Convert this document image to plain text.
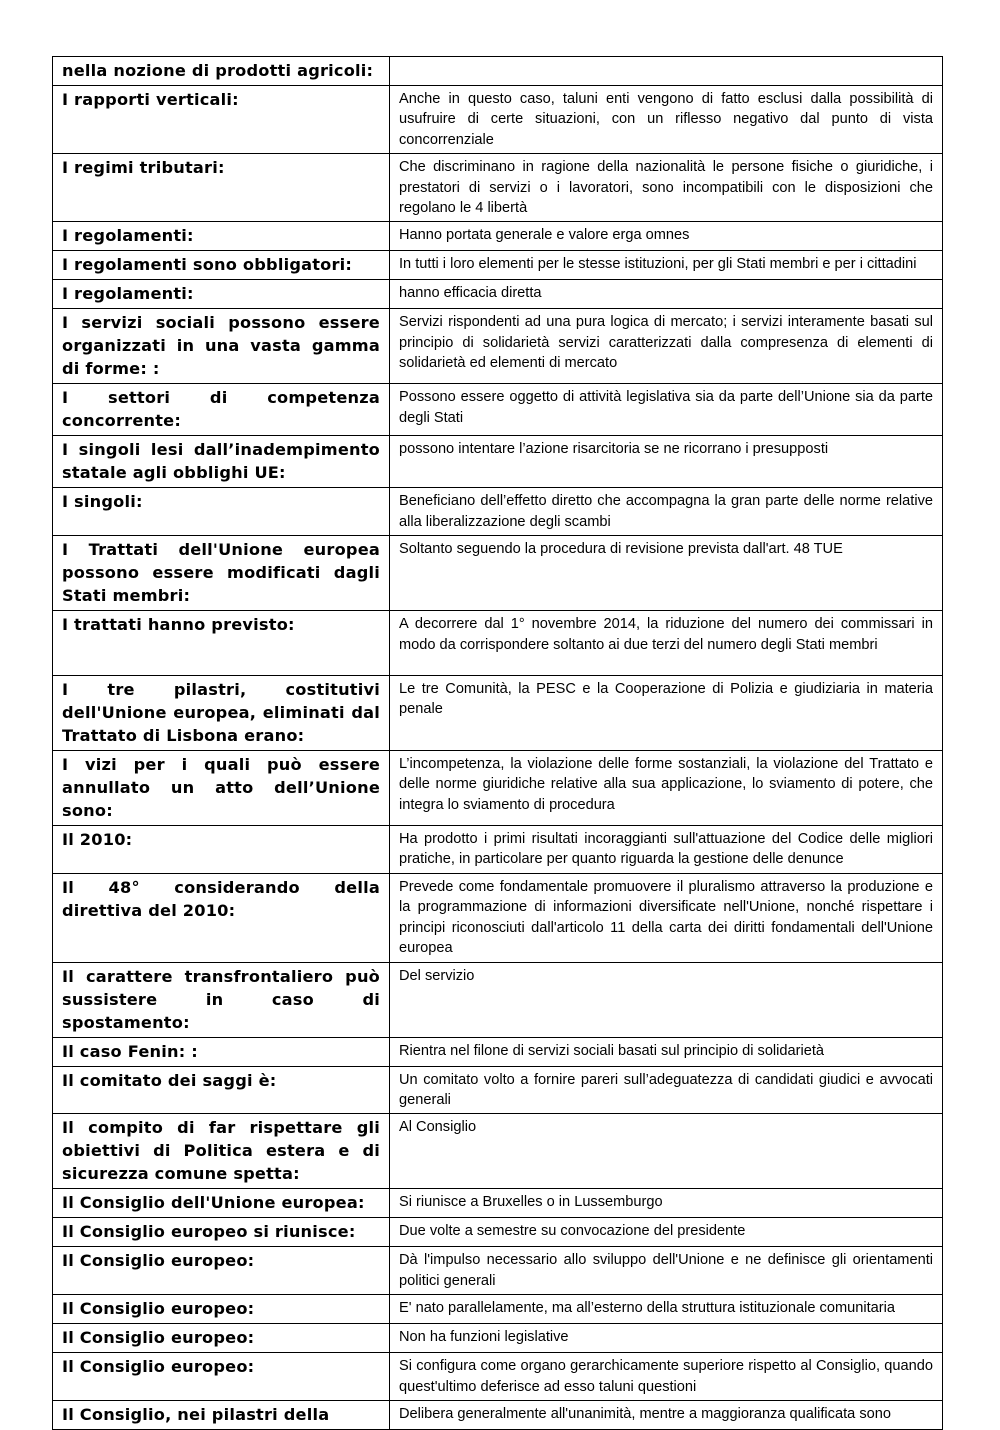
nella nozione di prodotti agricoli:	
I rapporti verticali:	Anche in questo caso, taluni enti vengono di fatto esclusi dalla possibilità di usufruire di certe situazioni, con un riflesso negativo dal punto di vista concorrenziale
I regimi tributari:	Che discriminano in ragione della nazionalità le persone fisiche o giuridiche, i prestatori di servizi o i lavoratori, sono incompatibili con le disposizioni che regolano le 4 libertà
I regolamenti:	Hanno portata generale e valore erga omnes
I regolamenti sono obbligatori:	In tutti i loro elementi per le stesse istituzioni, per gli Stati membri e per i cittadini
I regolamenti:	hanno efficacia diretta
I servizi sociali possono essere organizzati in una vasta gamma di forme: :	Servizi rispondenti ad una pura logica di mercato; i servizi interamente basati sul principio di solidarietà servizi caratterizzati dalla compresenza di elementi di solidarietà ed elementi di mercato
I settori di competenza concorrente:	Possono essere oggetto di attività legislativa sia da parte dell’Unione sia da parte degli Stati
I singoli lesi dall’inadempimento statale agli obblighi UE:	possono intentare l’azione risarcitoria se ne ricorrano i presupposti
I singoli:	Beneficiano dell’effetto diretto che accompagna la gran parte delle norme relative alla liberalizzazione degli scambi
I Trattati dell'Unione europea possono essere modificati dagli Stati membri:	Soltanto seguendo la procedura di revisione prevista dall'art. 48 TUE
I trattati hanno previsto:	A decorrere dal 1° novembre 2014, la riduzione del numero dei commissari in modo da corrispondere soltanto ai due terzi del numero degli Stati membri
I tre pilastri, costitutivi dell'Unione europea, eliminati dal Trattato di Lisbona erano:	Le tre Comunità, la PESC e la Cooperazione di Polizia e giudiziaria in materia penale
I vizi per i quali può essere annullato un atto dell’Unione sono:	L’incompetenza, la violazione delle forme sostanziali, la violazione del Trattato e delle norme giuridiche relative alla sua applicazione, lo sviamento di potere, che integra lo sviamento di procedura
Il 2010:	Ha prodotto i primi risultati incoraggianti sull'attuazione del Codice delle migliori pratiche, in particolare per quanto riguarda la gestione delle denunce
Il 48° considerando della direttiva del 2010:	Prevede come fondamentale promuovere il pluralismo attraverso la produzione e la programmazione di informazioni diversificate nell'Unione, nonché rispettare i principi riconosciuti dall'articolo 11 della carta dei diritti fondamentali dell'Unione europea
Il carattere transfrontaliero può sussistere in caso di spostamento:	Del servizio
Il caso Fenin: :	Rientra nel filone di servizi sociali basati sul principio di solidarietà
Il comitato dei saggi è:	Un comitato volto a fornire pareri sull’adeguatezza di candidati giudici e avvocati generali
Il compito di far rispettare gli obiettivi di Politica estera e di sicurezza comune spetta:	Al Consiglio
Il Consiglio dell'Unione europea:	Si riunisce a Bruxelles o in Lussemburgo
Il Consiglio europeo si riunisce:	Due volte a semestre su convocazione del presidente
Il Consiglio europeo:	Dà l'impulso necessario allo sviluppo dell'Unione e ne definisce gli orientamenti politici generali
Il Consiglio europeo:	E' nato parallelamente, ma all’esterno della struttura istituzionale comunitaria
Il Consiglio europeo:	Non ha funzioni legislative
Il Consiglio europeo:	Si configura come organo gerarchicamente superiore rispetto al Consiglio, quando quest'ultimo deferisce ad esso taluni questioni
Il Consiglio, nei pilastri della	Delibera generalmente all'unanimità, mentre a maggioranza qualificata sono
